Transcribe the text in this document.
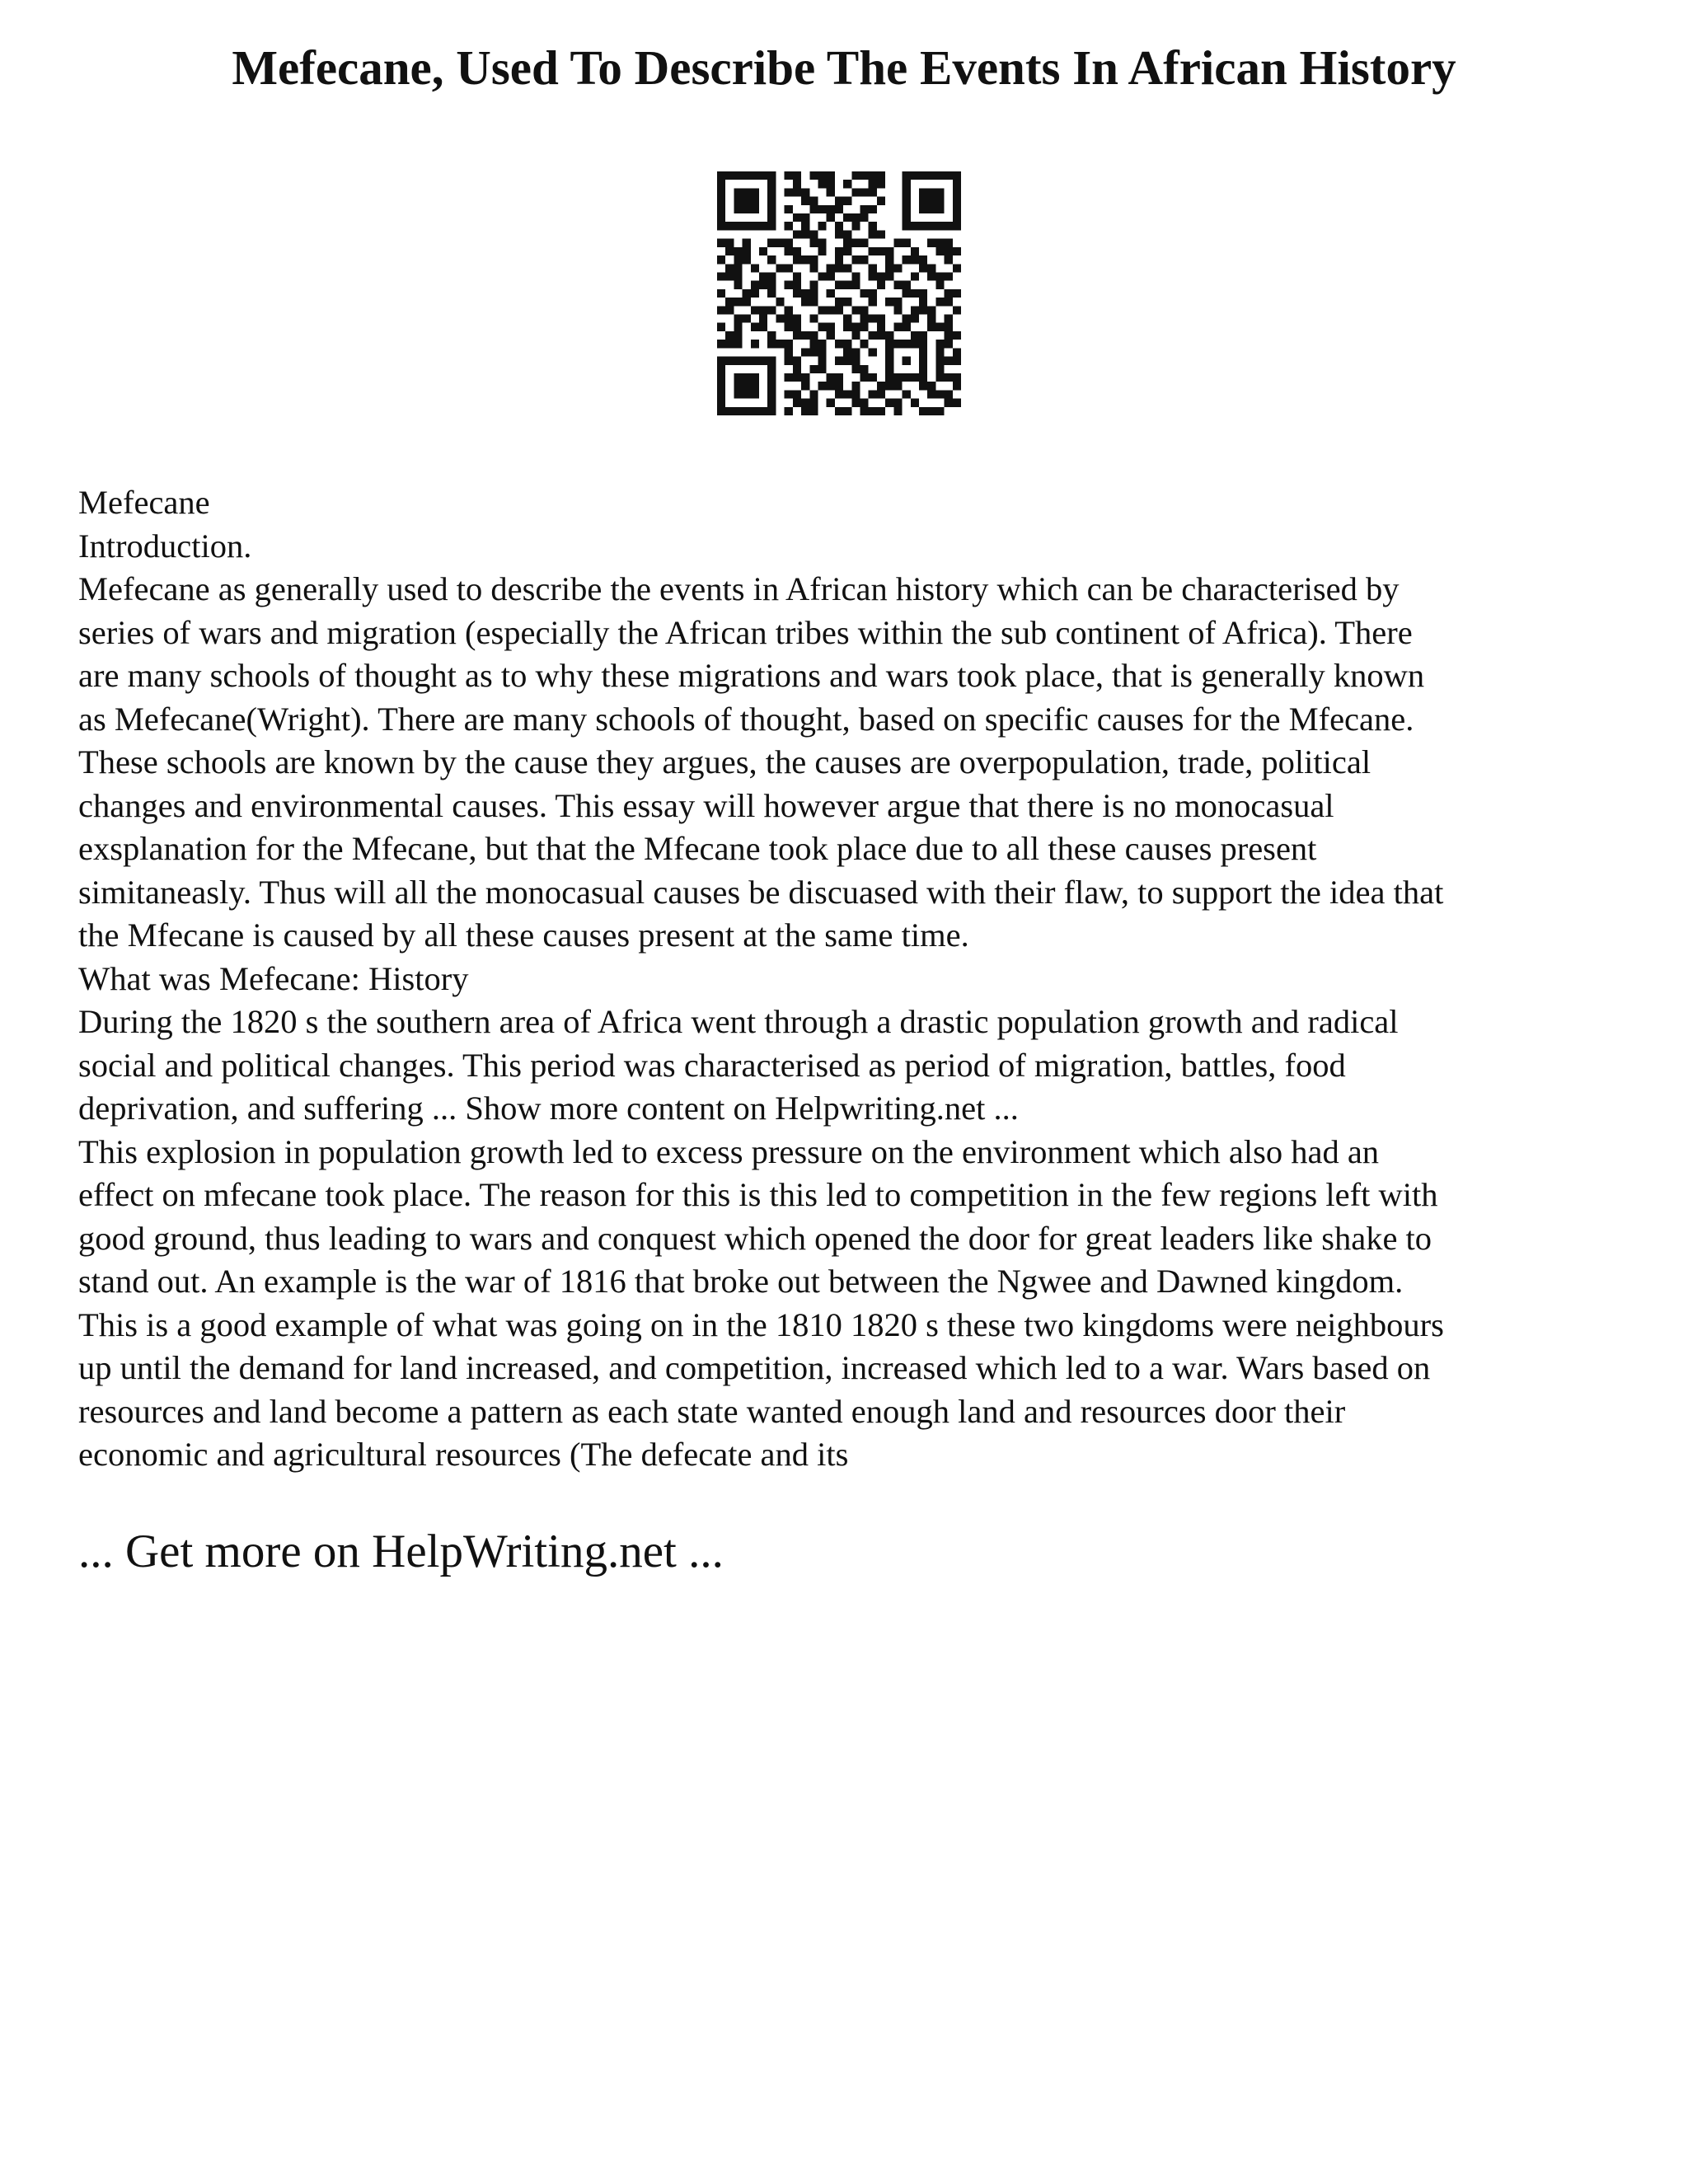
Mefecane, Used To Describe The Events In African History
Mefecane
Introduction.
Mefecane as generally used to describe the events in African history which can be characterised by
series of wars and migration (especially the African tribes within the sub continent of Africa). There
are many schools of thought as to why these migrations and wars took place, that is generally known
as Mefecane(Wright). There are many schools of thought, based on specific causes for the Mfecane.
These schools are known by the cause they argues, the causes are overpopulation, trade, political
changes and environmental causes. This essay will however argue that there is no monocasual
exsplanation for the Mfecane, but that the Mfecane took place due to all these causes present
simitaneasly. Thus will all the monocasual causes be discuased with their flaw, to support the idea that
the Mfecane is caused by all these causes present at the same time.
What was Mefecane: History
During the 1820 s the southern area of Africa went through a drastic population growth and radical
social and political changes. This period was characterised as period of migration, battles, food
deprivation, and suffering ... Show more content on Helpwriting.net ...
This explosion in population growth led to excess pressure on the environment which also had an
effect on mfecane took place. The reason for this is this led to competition in the few regions left with
good ground, thus leading to wars and conquest which opened the door for great leaders like shake to
stand out. An example is the war of 1816 that broke out between the Ngwee and Dawned kingdom.
This is a good example of what was going on in the 1810 1820 s these two kingdoms were neighbours
up until the demand for land increased, and competition, increased which led to a war. Wars based on
resources and land become a pattern as each state wanted enough land and resources door their
economic and agricultural resources (The defecate and its
... Get more on HelpWriting.net ...
